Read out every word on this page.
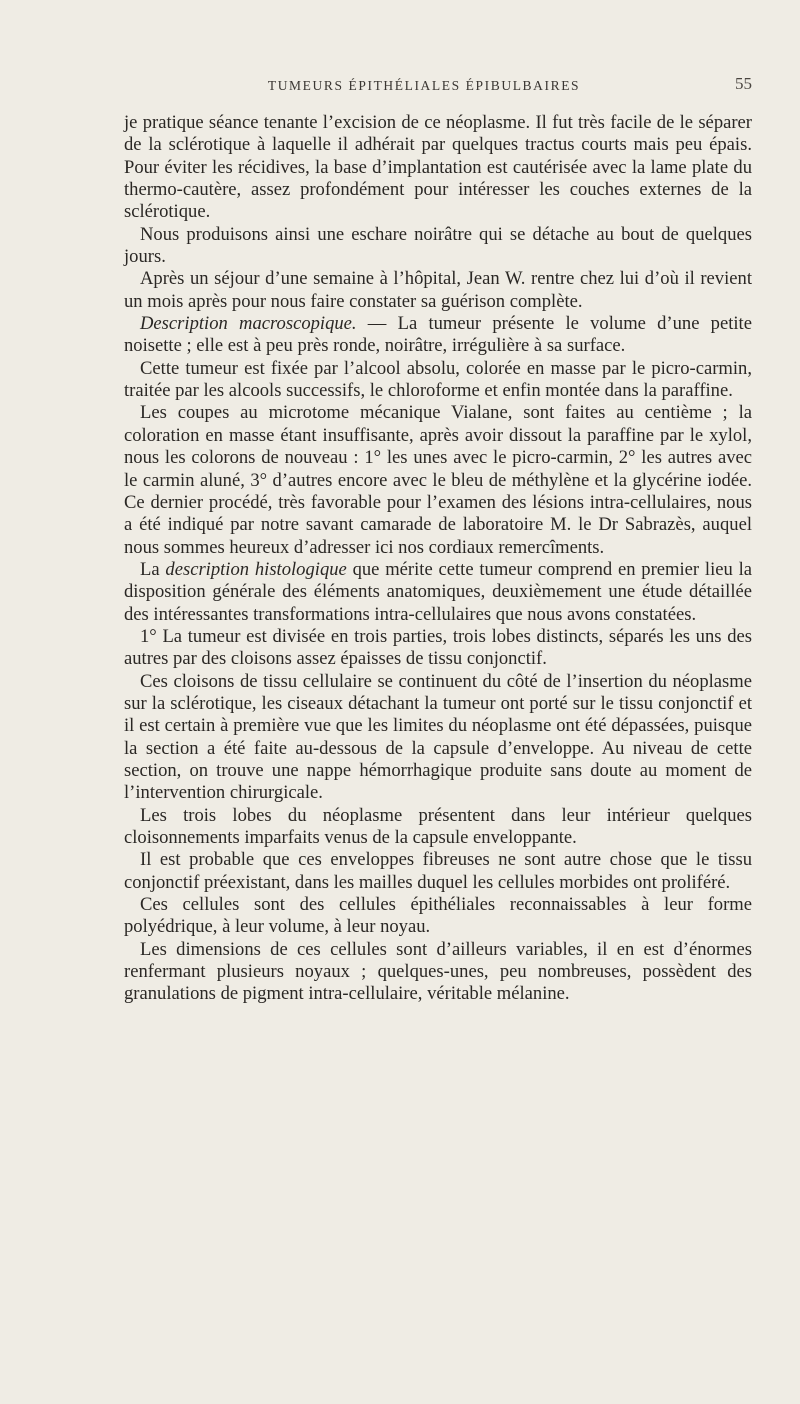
TUMEURS ÉPITHÉLIALES ÉPIBULBAIRES	55

je pratique séance tenante l’excision de ce néoplasme. Il fut très facile de le séparer de la sclérotique à laquelle il adhérait par quelques tractus courts mais peu épais. Pour éviter les récidives, la base d’implantation est cautérisée avec la lame plate du thermo-cautère, assez profondément pour intéresser les couches externes de la sclérotique.

Nous produisons ainsi une eschare noirâtre qui se détache au bout de quelques jours.

Après un séjour d’une semaine à l’hôpital, Jean W. rentre chez lui d’où il revient un mois après pour nous faire constater sa guérison complète.

Description macroscopique. — La tumeur présente le volume d’une petite noisette ; elle est à peu près ronde, noirâtre, irrégulière à sa surface.

Cette tumeur est fixée par l’alcool absolu, colorée en masse par le picro-carmin, traitée par les alcools successifs, le chloroforme et enfin montée dans la paraffine.

Les coupes au microtome mécanique Vialane, sont faites au centième ; la coloration en masse étant insuffisante, après avoir dissout la paraffine par le xylol, nous les colorons de nouveau : 1° les unes avec le picro-carmin, 2° les autres avec le carmin aluné, 3° d’autres encore avec le bleu de méthylène et la glycérine iodée. Ce dernier procédé, très favorable pour l’examen des lésions intra-cellulaires, nous a été indiqué par notre savant camarade de laboratoire M. le Dr Sabrazès, auquel nous sommes heureux d’adresser ici nos cordiaux remercîments.

La description histologique que mérite cette tumeur comprend en premier lieu la disposition générale des éléments anatomiques, deuxièmement une étude détaillée des intéressantes transformations intra-cellulaires que nous avons constatées.

1° La tumeur est divisée en trois parties, trois lobes distincts, séparés les uns des autres par des cloisons assez épaisses de tissu conjonctif.

Ces cloisons de tissu cellulaire se continuent du côté de l’insertion du néoplasme sur la sclérotique, les ciseaux détachant la tumeur ont porté sur le tissu conjonctif et il est certain à première vue que les limites du néoplasme ont été dépassées, puisque la section a été faite au-dessous de la capsule d’enveloppe. Au niveau de cette section, on trouve une nappe hémorrhagique produite sans doute au moment de l’intervention chirurgicale.

Les trois lobes du néoplasme présentent dans leur intérieur quelques cloisonnements imparfaits venus de la capsule enveloppante.

Il est probable que ces enveloppes fibreuses ne sont autre chose que le tissu conjonctif préexistant, dans les mailles duquel les cellules morbides ont proliféré.

Ces cellules sont des cellules épithéliales reconnaissables à leur forme polyédrique, à leur volume, à leur noyau.

Les dimensions de ces cellules sont d’ailleurs variables, il en est d’énormes renfermant plusieurs noyaux ; quelques-unes, peu nombreuses, possèdent des granulations de pigment intra-cellulaire, véritable mélanine.
